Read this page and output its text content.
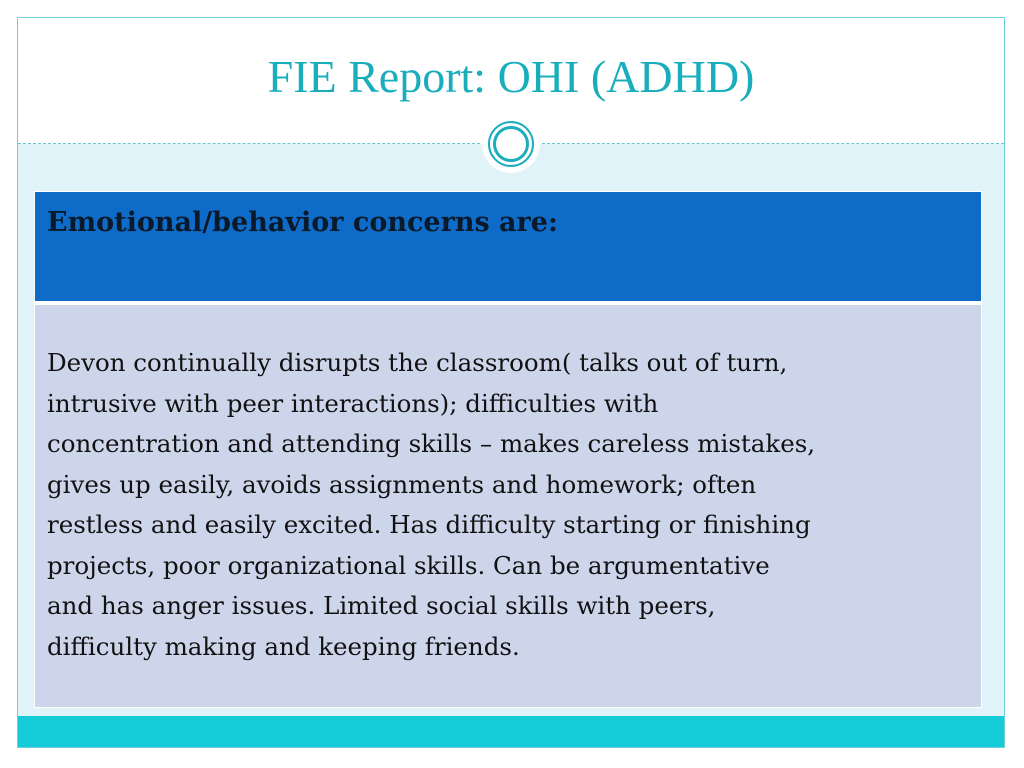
FIE Report: OHI (ADHD)
Emotional/behavior concerns are:
Devon continually disrupts the classroom( talks out of turn,
intrusive with peer interactions); difficulties with
concentration and attending skills – makes careless mistakes,
gives up easily, avoids assignments and homework; often
restless and easily excited. Has difficulty starting or finishing
projects, poor organizational skills. Can be argumentative
and has anger issues. Limited social skills with peers,
difficulty making and keeping friends.
